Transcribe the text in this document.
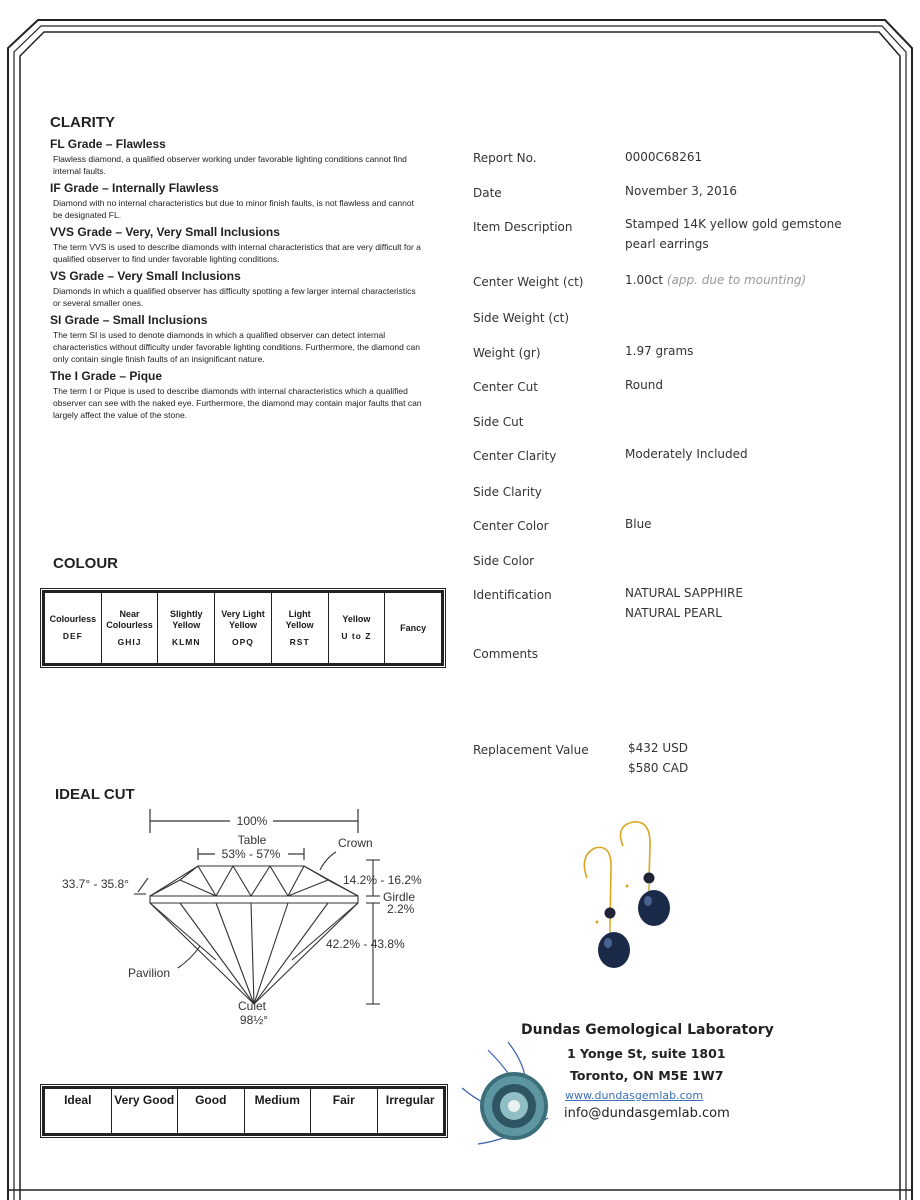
CLARITY

FL Grade – Flawless

Flawless diamond, a qualified observer working under favorable lighting conditions cannot find internal faults.

IF Grade – Internally Flawless

Diamond with no internal characteristics but due to minor finish faults, is not flawless and cannot be designated FL.

VVS Grade – Very, Very Small Inclusions

The term VVS is used to describe diamonds with internal characteristics that are very difficult for a qualified observer to find under favorable lighting conditions.

VS Grade – Very Small Inclusions

Diamonds in which a qualified observer has difficulty spotting a few larger internal characteristics or several smaller ones.

SI Grade – Small Inclusions

The term SI is used to denote diamonds in which a qualified observer can detect internal characteristics without difficulty under favorable lighting conditions. Furthermore, the diamond can only contain single finish faults of an insignificant nature.

The I Grade – Pique

The term I or Pique is used to describe diamonds with internal characteristics which a qualified observer can see with the naked eye. Furthermore, the diamond may contain major faults that can largely affect the value of the stone.

COLOUR
Colourless
DEF
	Near Colourless
GHIJ
	Slightly Yellow
KLMN
	Very Light Yellow
OPQ
	Light Yellow
RST
	Yellow
U to Z
	Fancy
IDEAL CUT
100%
Table
53% - 57%
Crown
14.2% - 16.2%
Girdle
2.2%
42.2% - 43.8%
33.7° - 35.8°
Pavilion
Culet
98½°
Ideal	Very Good	Good	Medium	Fair	Irregular
Report No.	0000C68261
Date	November 3, 2016
Item Description	Stamped 14K yellow gold gemstone pearl earrings
Center Weight (ct)	1.00ct (app. due to mounting)
Side Weight (ct)
Weight (gr)	1.97 grams
Center Cut	Round
Side Cut
Center Clarity	Moderately Included
Side Clarity
Center Color	Blue
Side Color
Identification	NATURAL SAPPHIRE
NATURAL PEARL
Comments
Replacement Value	$432 USD
$580 CAD
Dundas Gemological Laboratory
1 Yonge St, suite 1801
Toronto, ON M5E 1W7
www.dundasgemlab.com
info@dundasgemlab.com
